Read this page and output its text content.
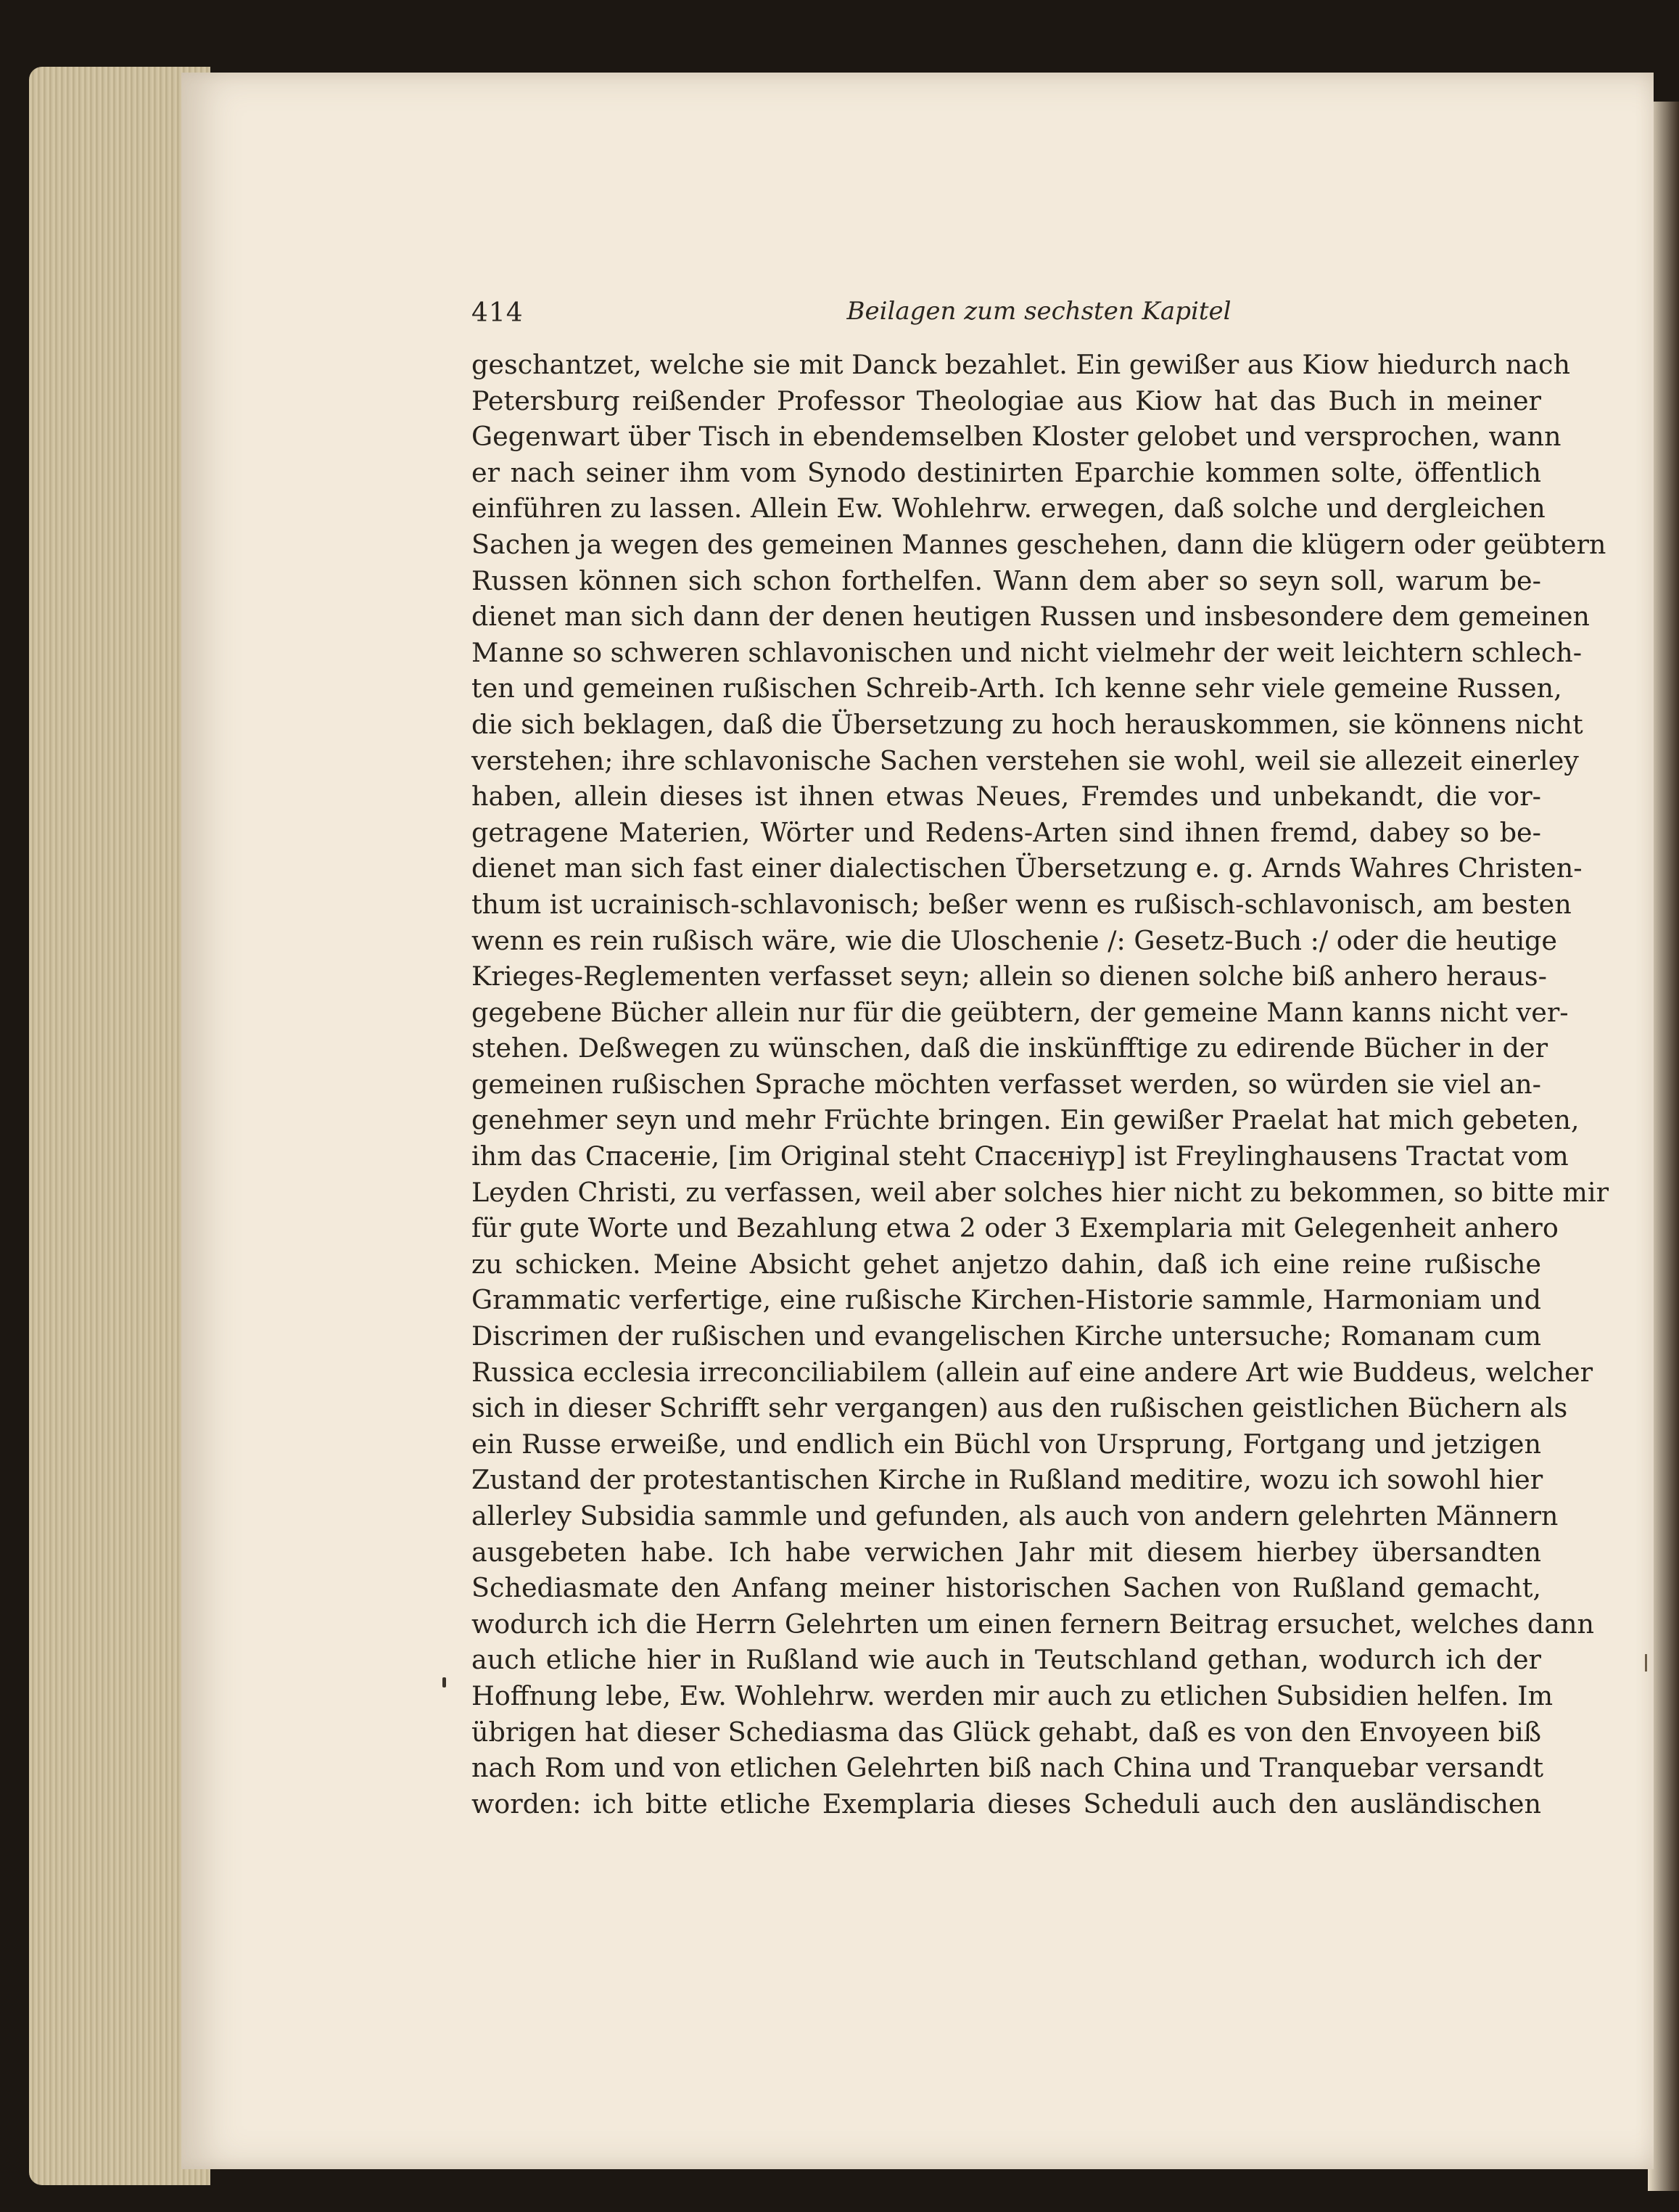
414	Beilagen zum sechsten Kapitel
geschantzet, welche sie mit Danck bezahlet. Ein gewißer aus Kiow hiedurch nach
Petersburg reißender Professor Theologiae aus Kiow hat das Buch in meiner
Gegenwart über Tisch in ebendemselben Kloster gelobet und versprochen, wann
er nach seiner ihm vom Synodo destinirten Eparchie kommen solte, öffentlich
einführen zu lassen. Allein Ew. Wohlehrw. erwegen, daß solche und dergleichen
Sachen ja wegen des gemeinen Mannes geschehen, dann die klügern oder geübtern
Russen können sich schon forthelfen. Wann dem aber so seyn soll, warum be-
dienet man sich dann der denen heutigen Russen und insbesondere dem gemeinen
Manne so schweren schlavonischen und nicht vielmehr der weit leichtern schlech-
ten und gemeinen rußischen Schreib-Arth. Ich kenne sehr viele gemeine Russen,
die sich beklagen, daß die Übersetzung zu hoch herauskommen, sie könnens nicht
verstehen; ihre schlavonische Sachen verstehen sie wohl, weil sie allezeit einerley
haben, allein dieses ist ihnen etwas Neues, Fremdes und unbekandt, die vor-
getragene Materien, Wörter und Redens-Arten sind ihnen fremd, dabey so be-
dienet man sich fast einer dialectischen Übersetzung e. g. Arnds Wahres Christen-
thum ist ucrainisch-schlavonisch; beßer wenn es rußisch-schlavonisch, am besten
wenn es rein rußisch wäre, wie die Uloschenie /: Gesetz-Buch :/ oder die heutige
Krieges-Reglementen verfasset seyn; allein so dienen solche biß anhero heraus-
gegebene Bücher allein nur für die geübtern, der gemeine Mann kanns nicht ver-
stehen. Deßwegen zu wünschen, daß die inskünfftige zu edirende Bücher in der
gemeinen rußischen Sprache möchten verfasset werden, so würden sie viel an-
genehmer seyn und mehr Früchte bringen. Ein gewißer Praelat hat mich gebeten,
ihm das Спасеніе, [im Original steht Спасєніүр] ist Freylinghausens Tractat vom
Leyden Christi, zu verfassen, weil aber solches hier nicht zu bekommen, so bitte mir
für gute Worte und Bezahlung etwa 2 oder 3 Exemplaria mit Gelegenheit anhero
zu schicken. Meine Absicht gehet anjetzo dahin, daß ich eine reine rußische
Grammatic verfertige, eine rußische Kirchen-Historie sammle, Harmoniam und
Discrimen der rußischen und evangelischen Kirche untersuche; Romanam cum
Russica ecclesia irreconciliabilem (allein auf eine andere Art wie Buddeus, welcher
sich in dieser Schrifft sehr vergangen) aus den rußischen geistlichen Büchern als
ein Russe erweiße, und endlich ein Büchl von Ursprung, Fortgang und jetzigen
Zustand der protestantischen Kirche in Rußland meditire, wozu ich sowohl hier
allerley Subsidia sammle und gefunden, als auch von andern gelehrten Männern
ausgebeten habe. Ich habe verwichen Jahr mit diesem hierbey übersandten
Schediasmate den Anfang meiner historischen Sachen von Rußland gemacht,
wodurch ich die Herrn Gelehrten um einen fernern Beitrag ersuchet, welches dann
auch etliche hier in Rußland wie auch in Teutschland gethan, wodurch ich der
Hoffnung lebe, Ew. Wohlehrw. werden mir auch zu etlichen Subsidien helfen. Im
übrigen hat dieser Schediasma das Glück gehabt, daß es von den Envoyeen biß
nach Rom und von etlichen Gelehrten biß nach China und Tranquebar versandt
worden: ich bitte etliche Exemplaria dieses Scheduli auch den ausländischen
